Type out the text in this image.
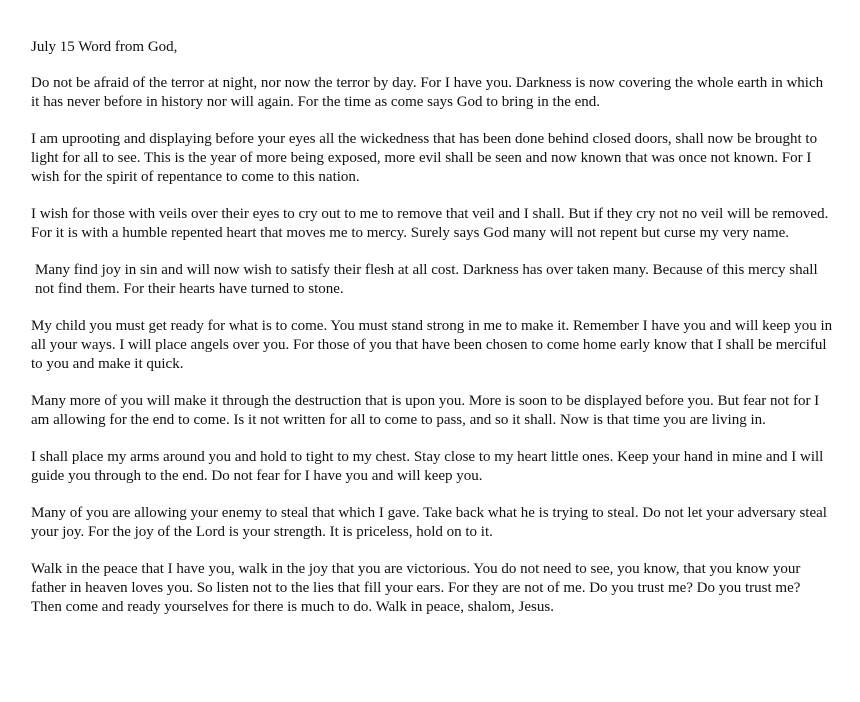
July 15 Word from God,

Do not be afraid of the terror at night, nor now the terror by day. For I have you. Darkness is now covering the whole earth in which it has never before in history nor will again. For the time as come says God to bring in the end.

I am uprooting and displaying before your eyes all the wickedness that has been done behind closed doors, shall now be brought to light for all to see. This is the year of more being exposed, more evil shall be seen and now known that was once not known. For I wish for the spirit of repentance to come to this nation.

I wish for those with veils over their eyes to cry out to me to remove that veil and I shall. But if they cry not no veil will be removed. For it is with a humble repented heart that moves me to mercy. Surely says God many will not repent but curse my very name.

Many find joy in sin and will now wish to satisfy their flesh at all cost. Darkness has over taken many. Because of this mercy shall not find them. For their hearts have turned to stone.

My child you must get ready for what is to come. You must stand strong in me to make it. Remember I have you and will keep you in all your ways. I will place angels over you. For those of you that have been chosen to come home early know that I shall be merciful to you and make it quick.

Many more of you will make it through the destruction that is upon you. More is soon to be displayed before you. But fear not for I am allowing for the end to come. Is it not written for all to come to pass, and so it shall. Now is that time you are living in.

I shall place my arms around you and hold to tight to my chest. Stay close to my heart little ones. Keep your hand in mine and I will guide you through to the end. Do not fear for I have you and will keep you.

Many of you are allowing your enemy to steal that which I gave. Take back what he is trying to steal. Do not let your adversary steal your joy. For the joy of the Lord is your strength. It is priceless, hold on to it.

Walk in the peace that I have you, walk in the joy that you are victorious. You do not need to see, you know, that you know your father in heaven loves you. So listen not to the lies that fill your ears. For they are not of me. Do you trust me? Do you trust me? Then come and ready yourselves for there is much to do. Walk in peace, shalom, Jesus.
